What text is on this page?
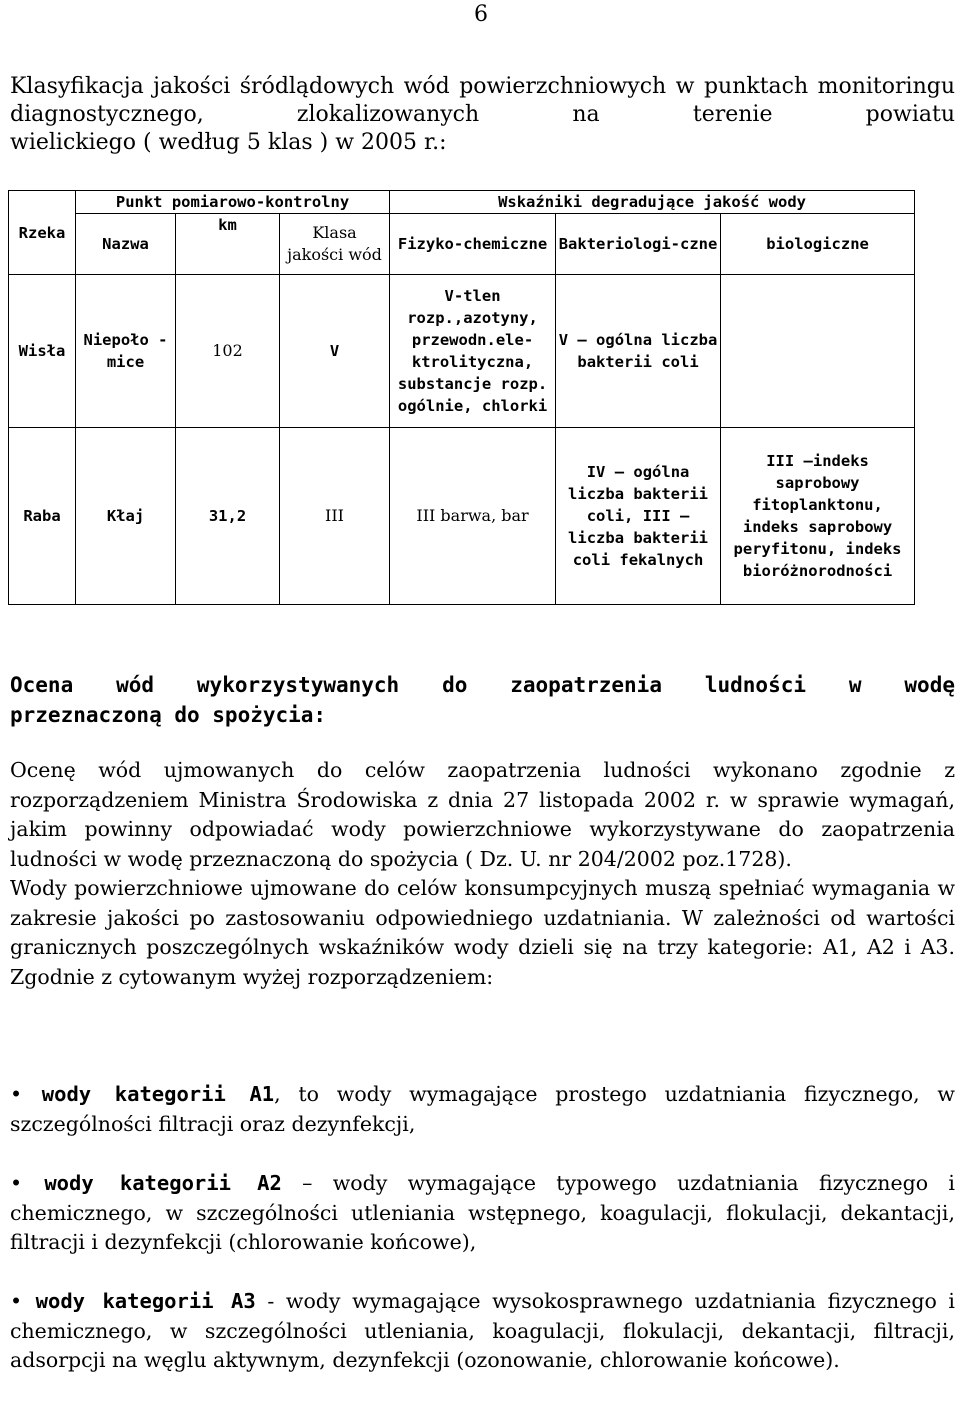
6
Klasyfikacja jakości śródlądowych wód powierzchniowych w punktach monitoringu diagnostycznego, zlokalizowanych na terenie powiatu
wielickiego ( według 5 klas ) w 2005 r.:
Rzeka	Punkt pomiarowo-kontrolny			Wskaźniki degradujące jakość wody		
	Nazwa	km	Klasa jakości wód	Fizyko-chemiczne	Bakteriologi-czne	biologiczne
Wisła	Niepoło -mice	102	V	V-tlen rozp.,azotyny, przewodn.ele-ktrolityczna, substancje rozp. ogólnie, chlorki	V – ogólna liczba bakterii coli	
Raba	Kłaj	31,2	III	III barwa, bar	IV – ogólna liczba bakterii coli, III – liczba bakterii coli fekalnych	III –indeks saprobowy fitoplanktonu, indeks saprobowy peryfitonu, indeks bioróżnorodności
Ocena wód wykorzystywanych do zaopatrzenia ludności w wodę
przeznaczoną do spożycia:

Ocenę wód ujmowanych do celów zaopatrzenia ludności wykonano zgodnie z rozporządzeniem Ministra Środowiska z dnia 27 listopada 2002 r. w sprawie wymagań, jakim powinny odpowiadać wody powierzchniowe wykorzystywane do zaopatrzenia ludności w wodę przeznaczoną do spożycia ( Dz. U. nr 204/2002 poz.1728).

Wody powierzchniowe ujmowane do celów konsumpcyjnych muszą spełniać wymagania w zakresie jakości po zastosowaniu odpowiedniego uzdatniania. W zależności od wartości granicznych poszczególnych wskaźników wody dzieli się na trzy kategorie: A1, A2 i A3. Zgodnie z cytowanym wyżej rozporządzeniem:

• wody kategorii A1, to wody wymagające prostego uzdatniania fizycznego, w szczególności filtracji oraz dezynfekcji,
• wody kategorii A2 – wody wymagające typowego uzdatniania fizycznego i chemicznego, w szczególności utleniania wstępnego, koagulacji, flokulacji, dekantacji, filtracji i dezynfekcji (chlorowanie końcowe),
• wody kategorii A3 - wody wymagające wysokosprawnego uzdatniania fizycznego i chemicznego, w szczególności utleniania, koagulacji, flokulacji, dekantacji, filtracji, adsorpcji na węglu aktywnym, dezynfekcji (ozonowanie, chlorowanie końcowe).
